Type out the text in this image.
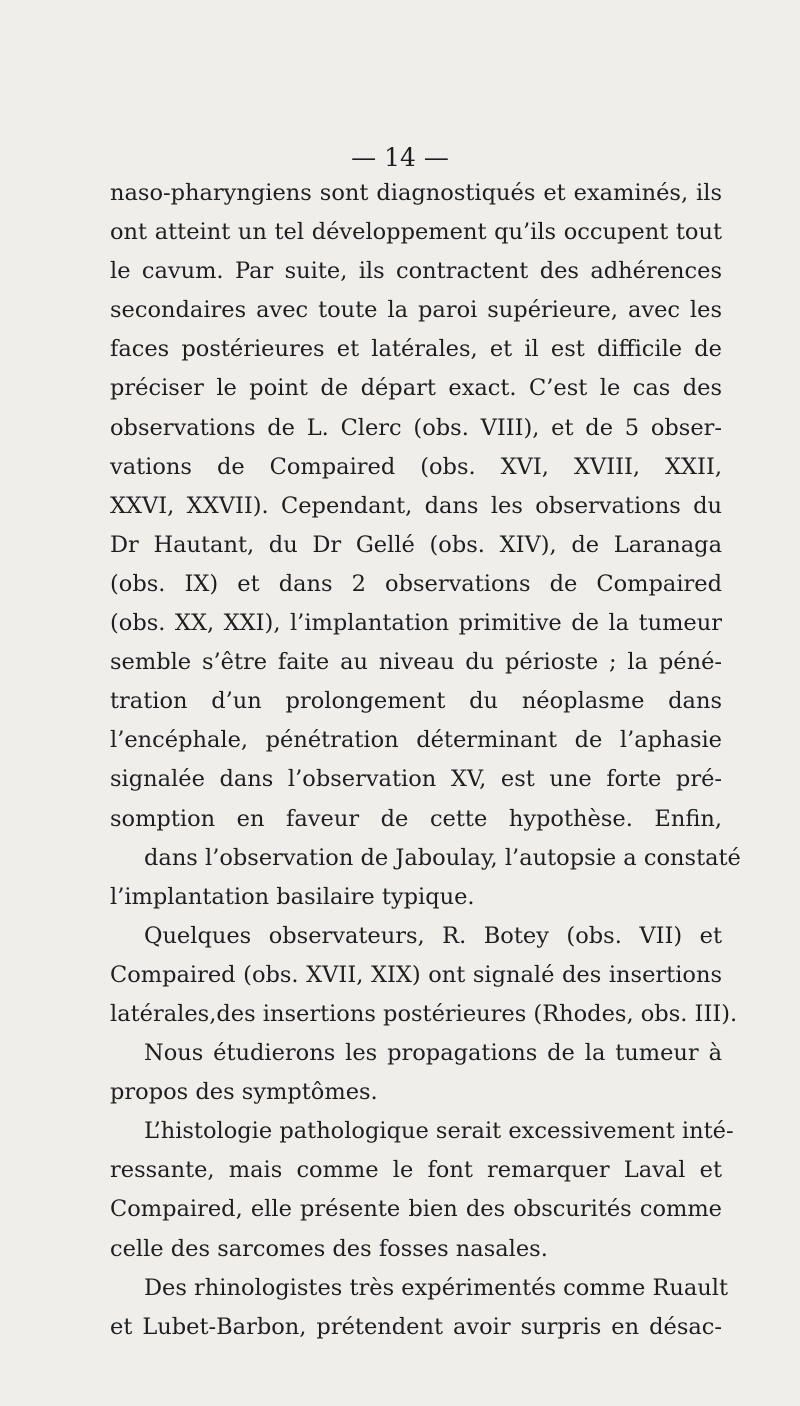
— 14 —
naso-pharyngiens sont diagnostiqués et examinés, ils
ont atteint un tel développement qu’ils occupent tout
le cavum. Par suite, ils contractent des adhérences
secondaires avec toute la paroi supérieure, avec les
faces postérieures et latérales, et il est difficile de
préciser le point de départ exact. C’est le cas des
observations de L. Clerc (obs. VIII), et de 5 obser-
vations de Compaired (obs. XVI, XVIII, XXII,
XXVI, XXVII). Cependant, dans les observations du
Dr Hautant, du Dr Gellé (obs. XIV), de Laranaga
(obs. IX) et dans 2 observations de Compaired
(obs. XX, XXI), l’implantation primitive de la tumeur
semble s’être faite au niveau du périoste ; la péné-
tration d’un prolongement du néoplasme dans
l’encéphale, pénétration déterminant de l’aphasie
signalée dans l’observation XV, est une forte pré-
somption en faveur de cette hypothèse. Enfin,
dans l’observation de Jaboulay, l’autopsie a constaté
l’implantation basilaire typique.
Quelques observateurs, R. Botey (obs. VII) et
Compaired (obs. XVII, XIX) ont signalé des insertions
latérales,des insertions postérieures (Rhodes, obs. III).
Nous étudierons les propagations de la tumeur à
propos des symptômes.
L’histologie pathologique serait excessivement inté-
ressante, mais comme le font remarquer Laval et
Compaired, elle présente bien des obscurités comme
celle des sarcomes des fosses nasales.
Des rhinologistes très expérimentés comme Ruault
et Lubet-Barbon, prétendent avoir surpris en désac-
